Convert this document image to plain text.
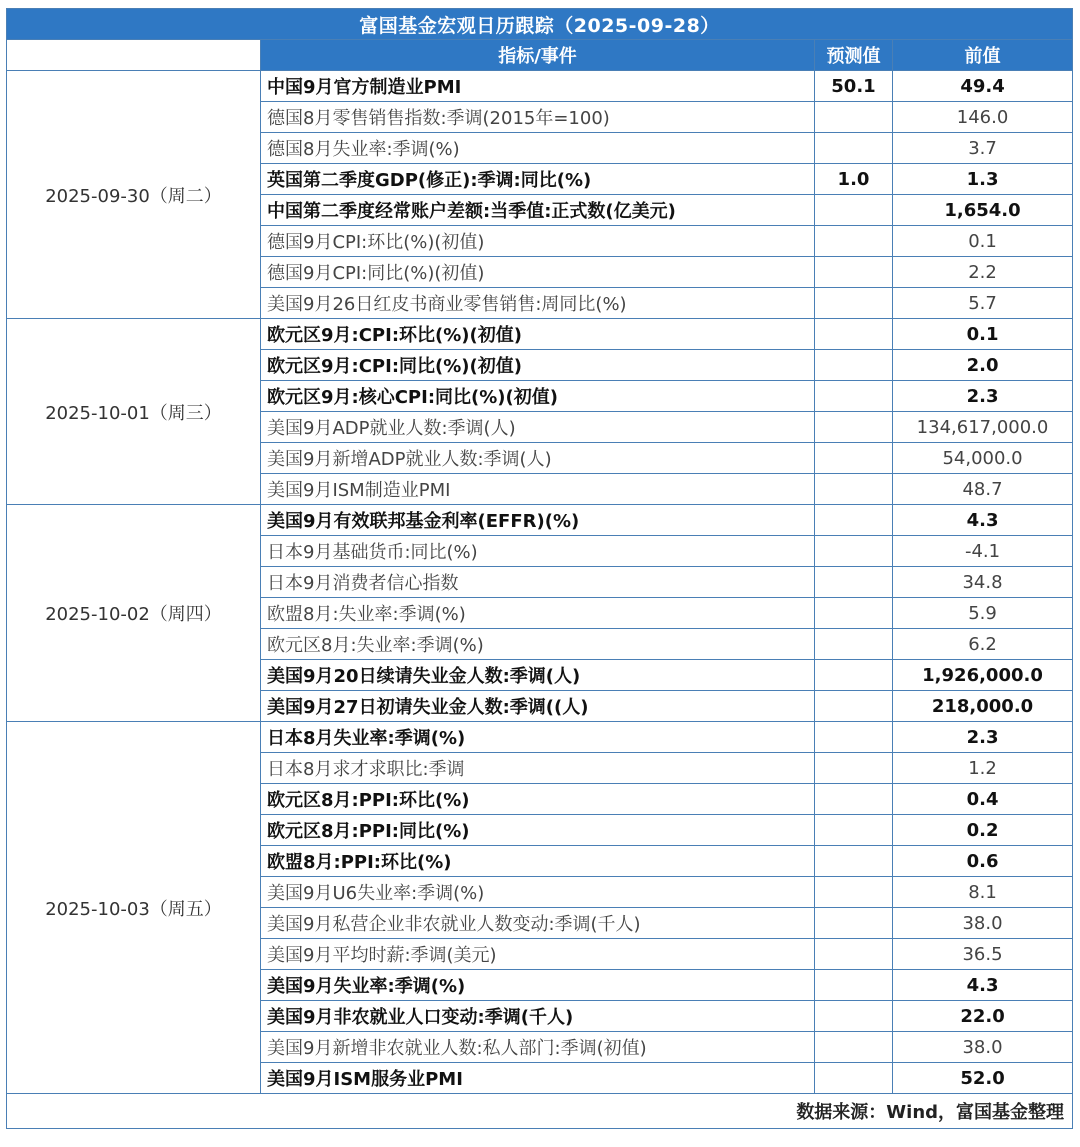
富国基金宏观日历跟踪（2025-09-28）			
	指标/事件	预测值	前值
2025-09-30（周二）	中国9月官方制造业PMI	50.1	49.4
	德国8月零售销售指数:季调(2015年=100)		146.0
	德国8月失业率:季调(%)		3.7
	英国第二季度GDP(修正):季调:同比(%)	1.0	1.3
	中国第二季度经常账户差额:当季值:正式数(亿美元)		1,654.0
	德国9月CPI:环比(%)(初值)		0.1
	德国9月CPI:同比(%)(初值)		2.2
	美国9月26日红皮书商业零售销售:周同比(%)		5.7
2025-10-01（周三）	欧元区9月:CPI:环比(%)(初值)		0.1
	欧元区9月:CPI:同比(%)(初值)		2.0
	欧元区9月:核心CPI:同比(%)(初值)		2.3
	美国9月ADP就业人数:季调(人)		134,617,000.0
	美国9月新增ADP就业人数:季调(人)		54,000.0
	美国9月ISM制造业PMI		48.7
2025-10-02（周四）	美国9月有效联邦基金利率(EFFR)(%)		4.3
	日本9月基础货币:同比(%)		-4.1
	日本9月消费者信心指数		34.8
	欧盟8月:失业率:季调(%)		5.9
	欧元区8月:失业率:季调(%)		6.2
	美国9月20日续请失业金人数:季调(人)		1,926,000.0
	美国9月27日初请失业金人数:季调((人)		218,000.0
2025-10-03（周五）	日本8月失业率:季调(%)		2.3
	日本8月求才求职比:季调		1.2
	欧元区8月:PPI:环比(%)		0.4
	欧元区8月:PPI:同比(%)		0.2
	欧盟8月:PPI:环比(%)		0.6
	美国9月U6失业率:季调(%)		8.1
	美国9月私营企业非农就业人数变动:季调(千人)		38.0
	美国9月平均时薪:季调(美元)		36.5
	美国9月失业率:季调(%)		4.3
	美国9月非农就业人口变动:季调(千人)		22.0
	美国9月新增非农就业人数:私人部门:季调(初值)		38.0
	美国9月ISM服务业PMI		52.0
	数据来源：Wind，富国基金整理		
